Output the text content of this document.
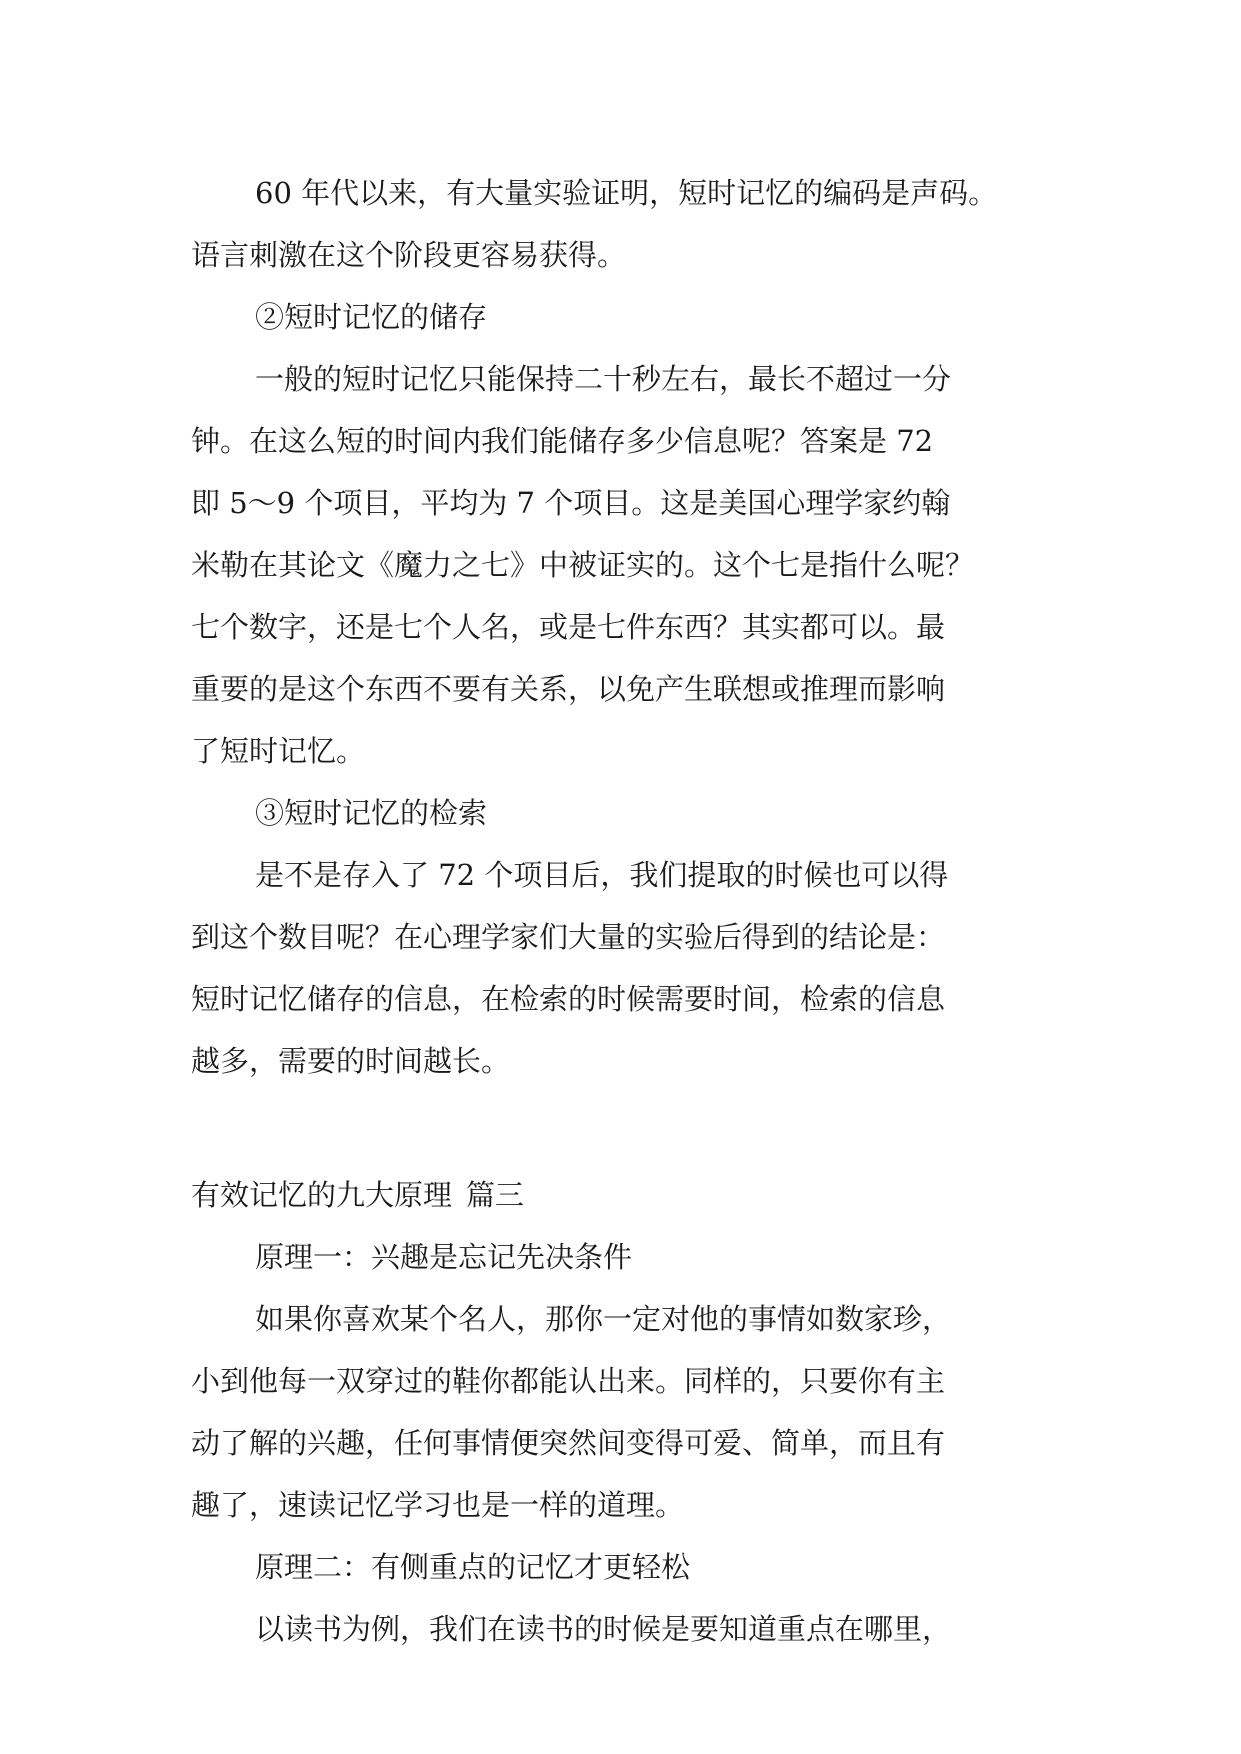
60 年代以来，有大量实验证明，短时记忆的编码是声码。
语言刺激在这个阶段更容易获得。
②短时记忆的储存
一般的短时记忆只能保持二十秒左右，最长不超过一分
钟。在这么短的时间内我们能储存多少信息呢？答案是 72
即 5～9 个项目，平均为 7 个项目。这是美国心理学家约翰
米勒在其论文《魔力之七》中被证实的。这个七是指什么呢？
七个数字，还是七个人名，或是七件东西？其实都可以。最
重要的是这个东西不要有关系，以免产生联想或推理而影响
了短时记忆。
③短时记忆的检索
是不是存入了 72 个项目后，我们提取的时候也可以得
到这个数目呢？在心理学家们大量的实验后得到的结论是：
短时记忆储存的信息，在检索的时候需要时间，检索的信息
越多，需要的时间越长。
有效记忆的九大原理 篇三
原理一：兴趣是忘记先决条件
如果你喜欢某个名人，那你一定对他的事情如数家珍，
小到他每一双穿过的鞋你都能认出来。同样的，只要你有主
动了解的兴趣，任何事情便突然间变得可爱、简单，而且有
趣了，速读记忆学习也是一样的道理。
原理二：有侧重点的记忆才更轻松
以读书为例，我们在读书的时候是要知道重点在哪里，
